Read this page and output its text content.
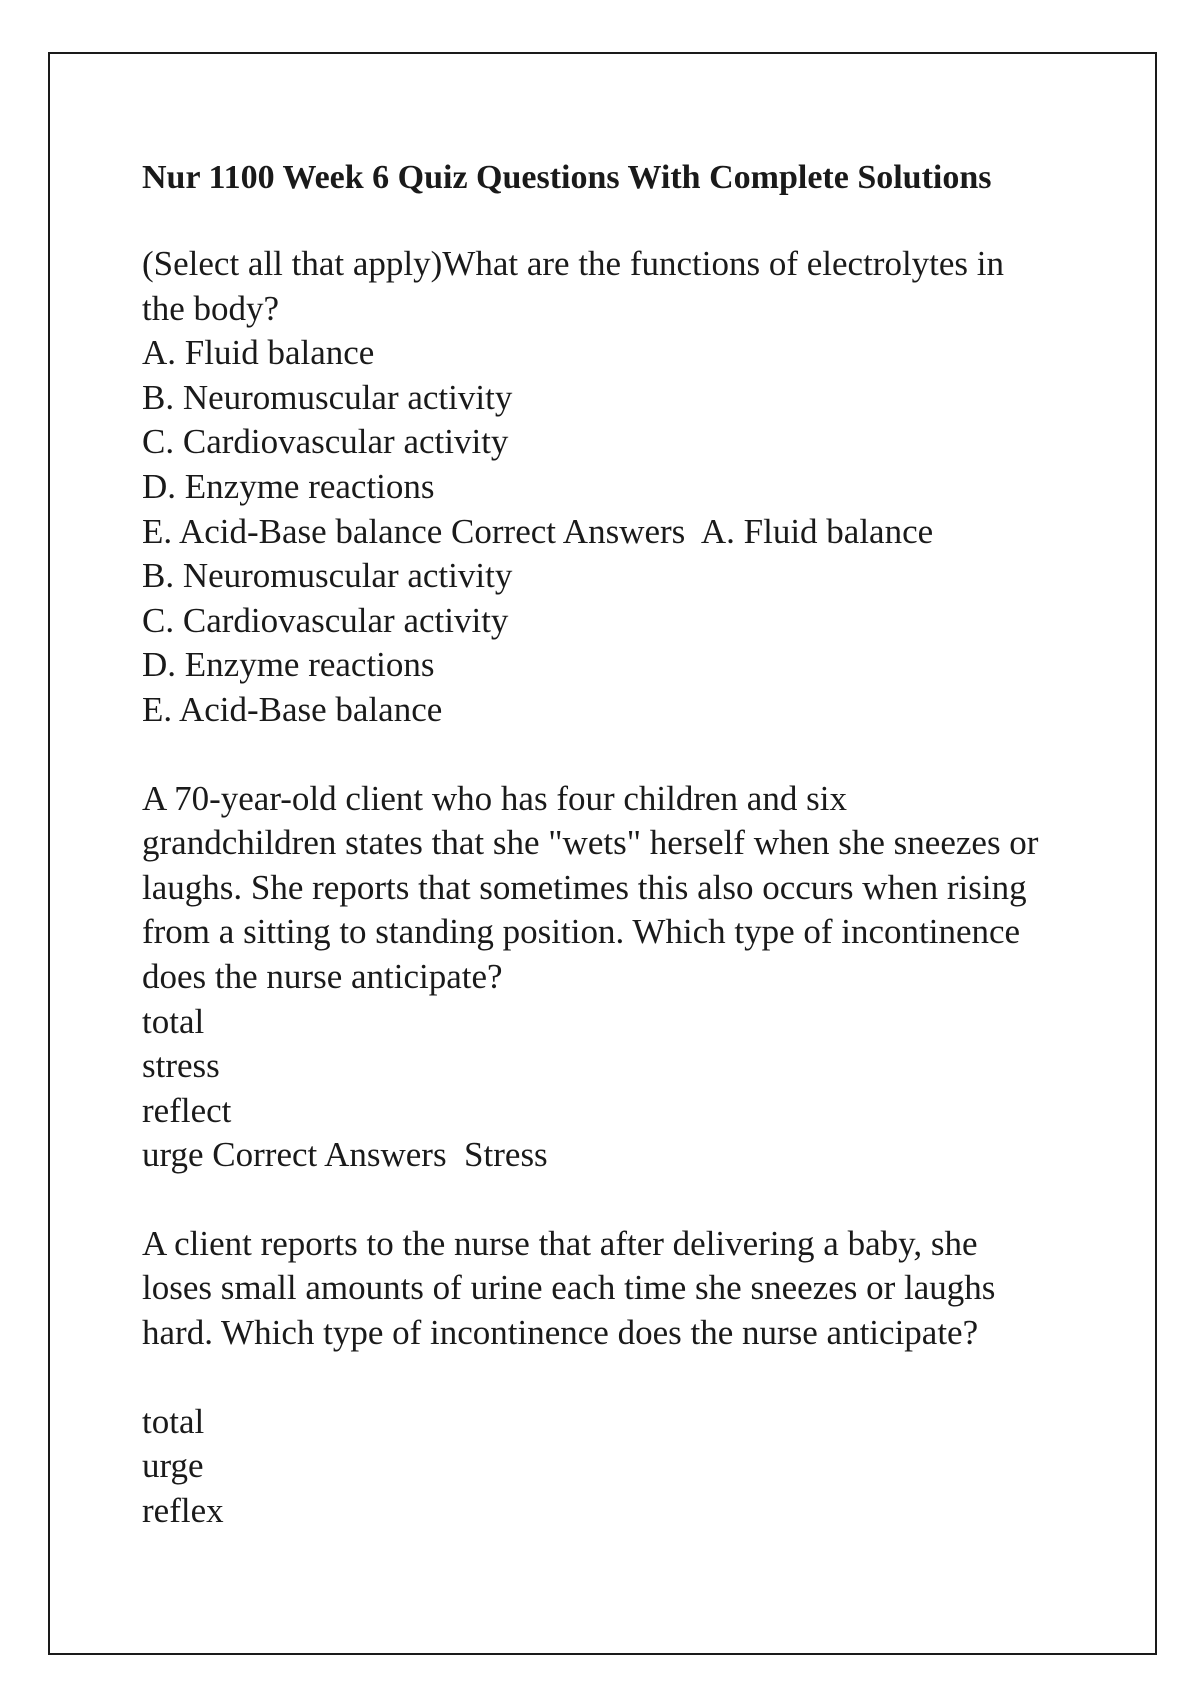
Nur 1100 Week 6 Quiz Questions With Complete Solutions

(Select all that apply)What are the functions of electrolytes in

the body?

A. Fluid balance

B. Neuromuscular activity

C. Cardiovascular activity

D. Enzyme reactions

E. Acid-Base balance Correct Answers  A. Fluid balance

B. Neuromuscular activity

C. Cardiovascular activity

D. Enzyme reactions

E. Acid-Base balance

A 70-year-old client who has four children and six

grandchildren states that she "wets" herself when she sneezes or

laughs. She reports that sometimes this also occurs when rising

from a sitting to standing position. Which type of incontinence

does the nurse anticipate?

total

stress

reflect

urge Correct Answers  Stress

A client reports to the nurse that after delivering a baby, she

loses small amounts of urine each time she sneezes or laughs

hard. Which type of incontinence does the nurse anticipate?

total

urge

reflex
